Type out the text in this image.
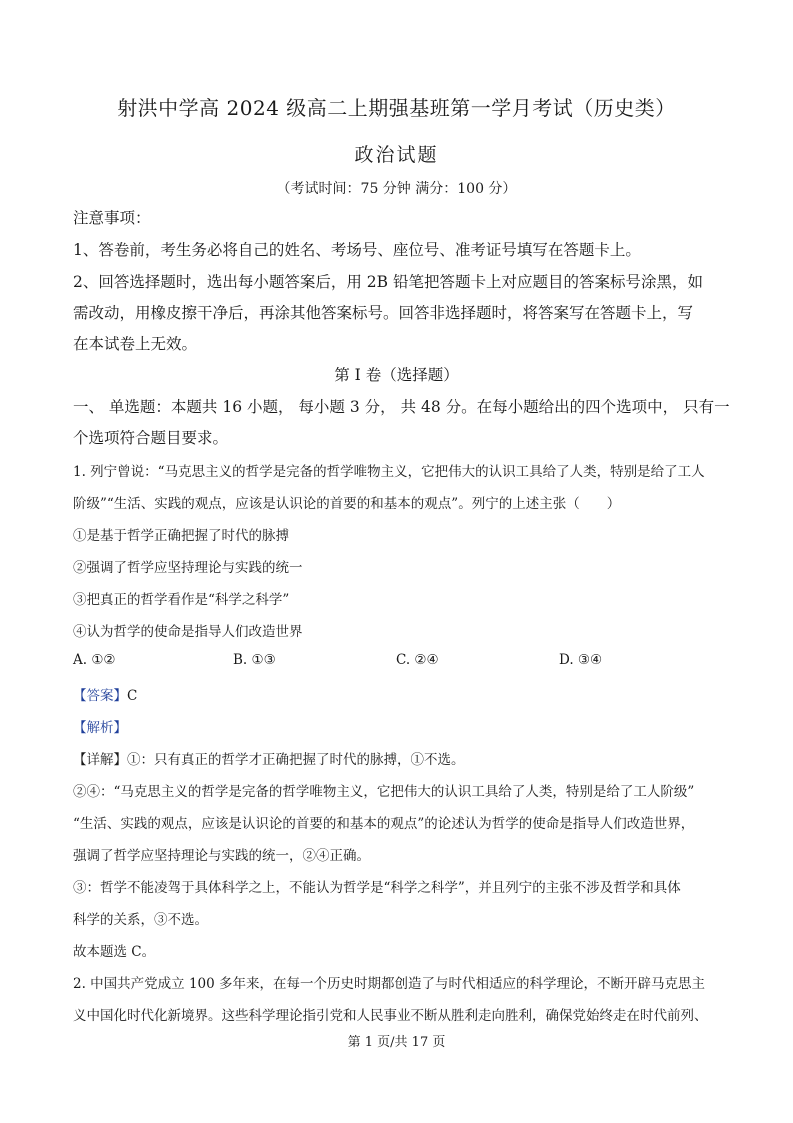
射洪中学高 2024 级高二上期强基班第一学月考试（历史类）
政治试题
（考试时间：75 分钟 满分：100 分）
注意事项：
1、答卷前，考生务必将自己的姓名、考场号、座位号、准考证号填写在答题卡上。
2、回答选择题时，选出每小题答案后，用 2B 铅笔把答题卡上对应题目的答案标号涂黑，如
需改动，用橡皮擦干净后，再涂其他答案标号。回答非选择题时，将答案写在答题卡上，写
在本试卷上无效。
第 I 卷（选择题）
一、 单选题：本题共 16 小题， 每小题 3 分， 共 48 分。在每小题给出的四个选项中， 只有一
个选项符合题目要求。
1. 列宁曾说：“马克思主义的哲学是完备的哲学唯物主义，它把伟大的认识工具给了人类，特别是给了工人
阶级”“生活、实践的观点，应该是认识论的首要的和基本的观点”。列宁的上述主张（　　）
①是基于哲学正确把握了时代的脉搏
②强调了哲学应坚持理论与实践的统一
③把真正的哲学看作是“科学之科学”
④认为哲学的使命是指导人们改造世界
A. ①②	B. ①③	C. ②④	D. ③④
【答案】C
【解析】
【详解】①：只有真正的哲学才正确把握了时代的脉搏，①不选。
②④：“马克思主义的哲学是完备的哲学唯物主义，它把伟大的认识工具给了人类，特别是给了工人阶级”
“生活、实践的观点，应该是认识论的首要的和基本的观点”的论述认为哲学的使命是指导人们改造世界，
强调了哲学应坚持理论与实践的统一，②④正确。
③：哲学不能凌驾于具体科学之上，不能认为哲学是“科学之科学”，并且列宁的主张不涉及哲学和具体
科学的关系，③不选。
故本题选 C。
2. 中国共产党成立 100 多年来，在每一个历史时期都创造了与时代相适应的科学理论，不断开辟马克思主
义中国化时代化新境界。这些科学理论指引党和人民事业不断从胜利走向胜利，确保党始终走在时代前列、
第 1 页/共 17 页
